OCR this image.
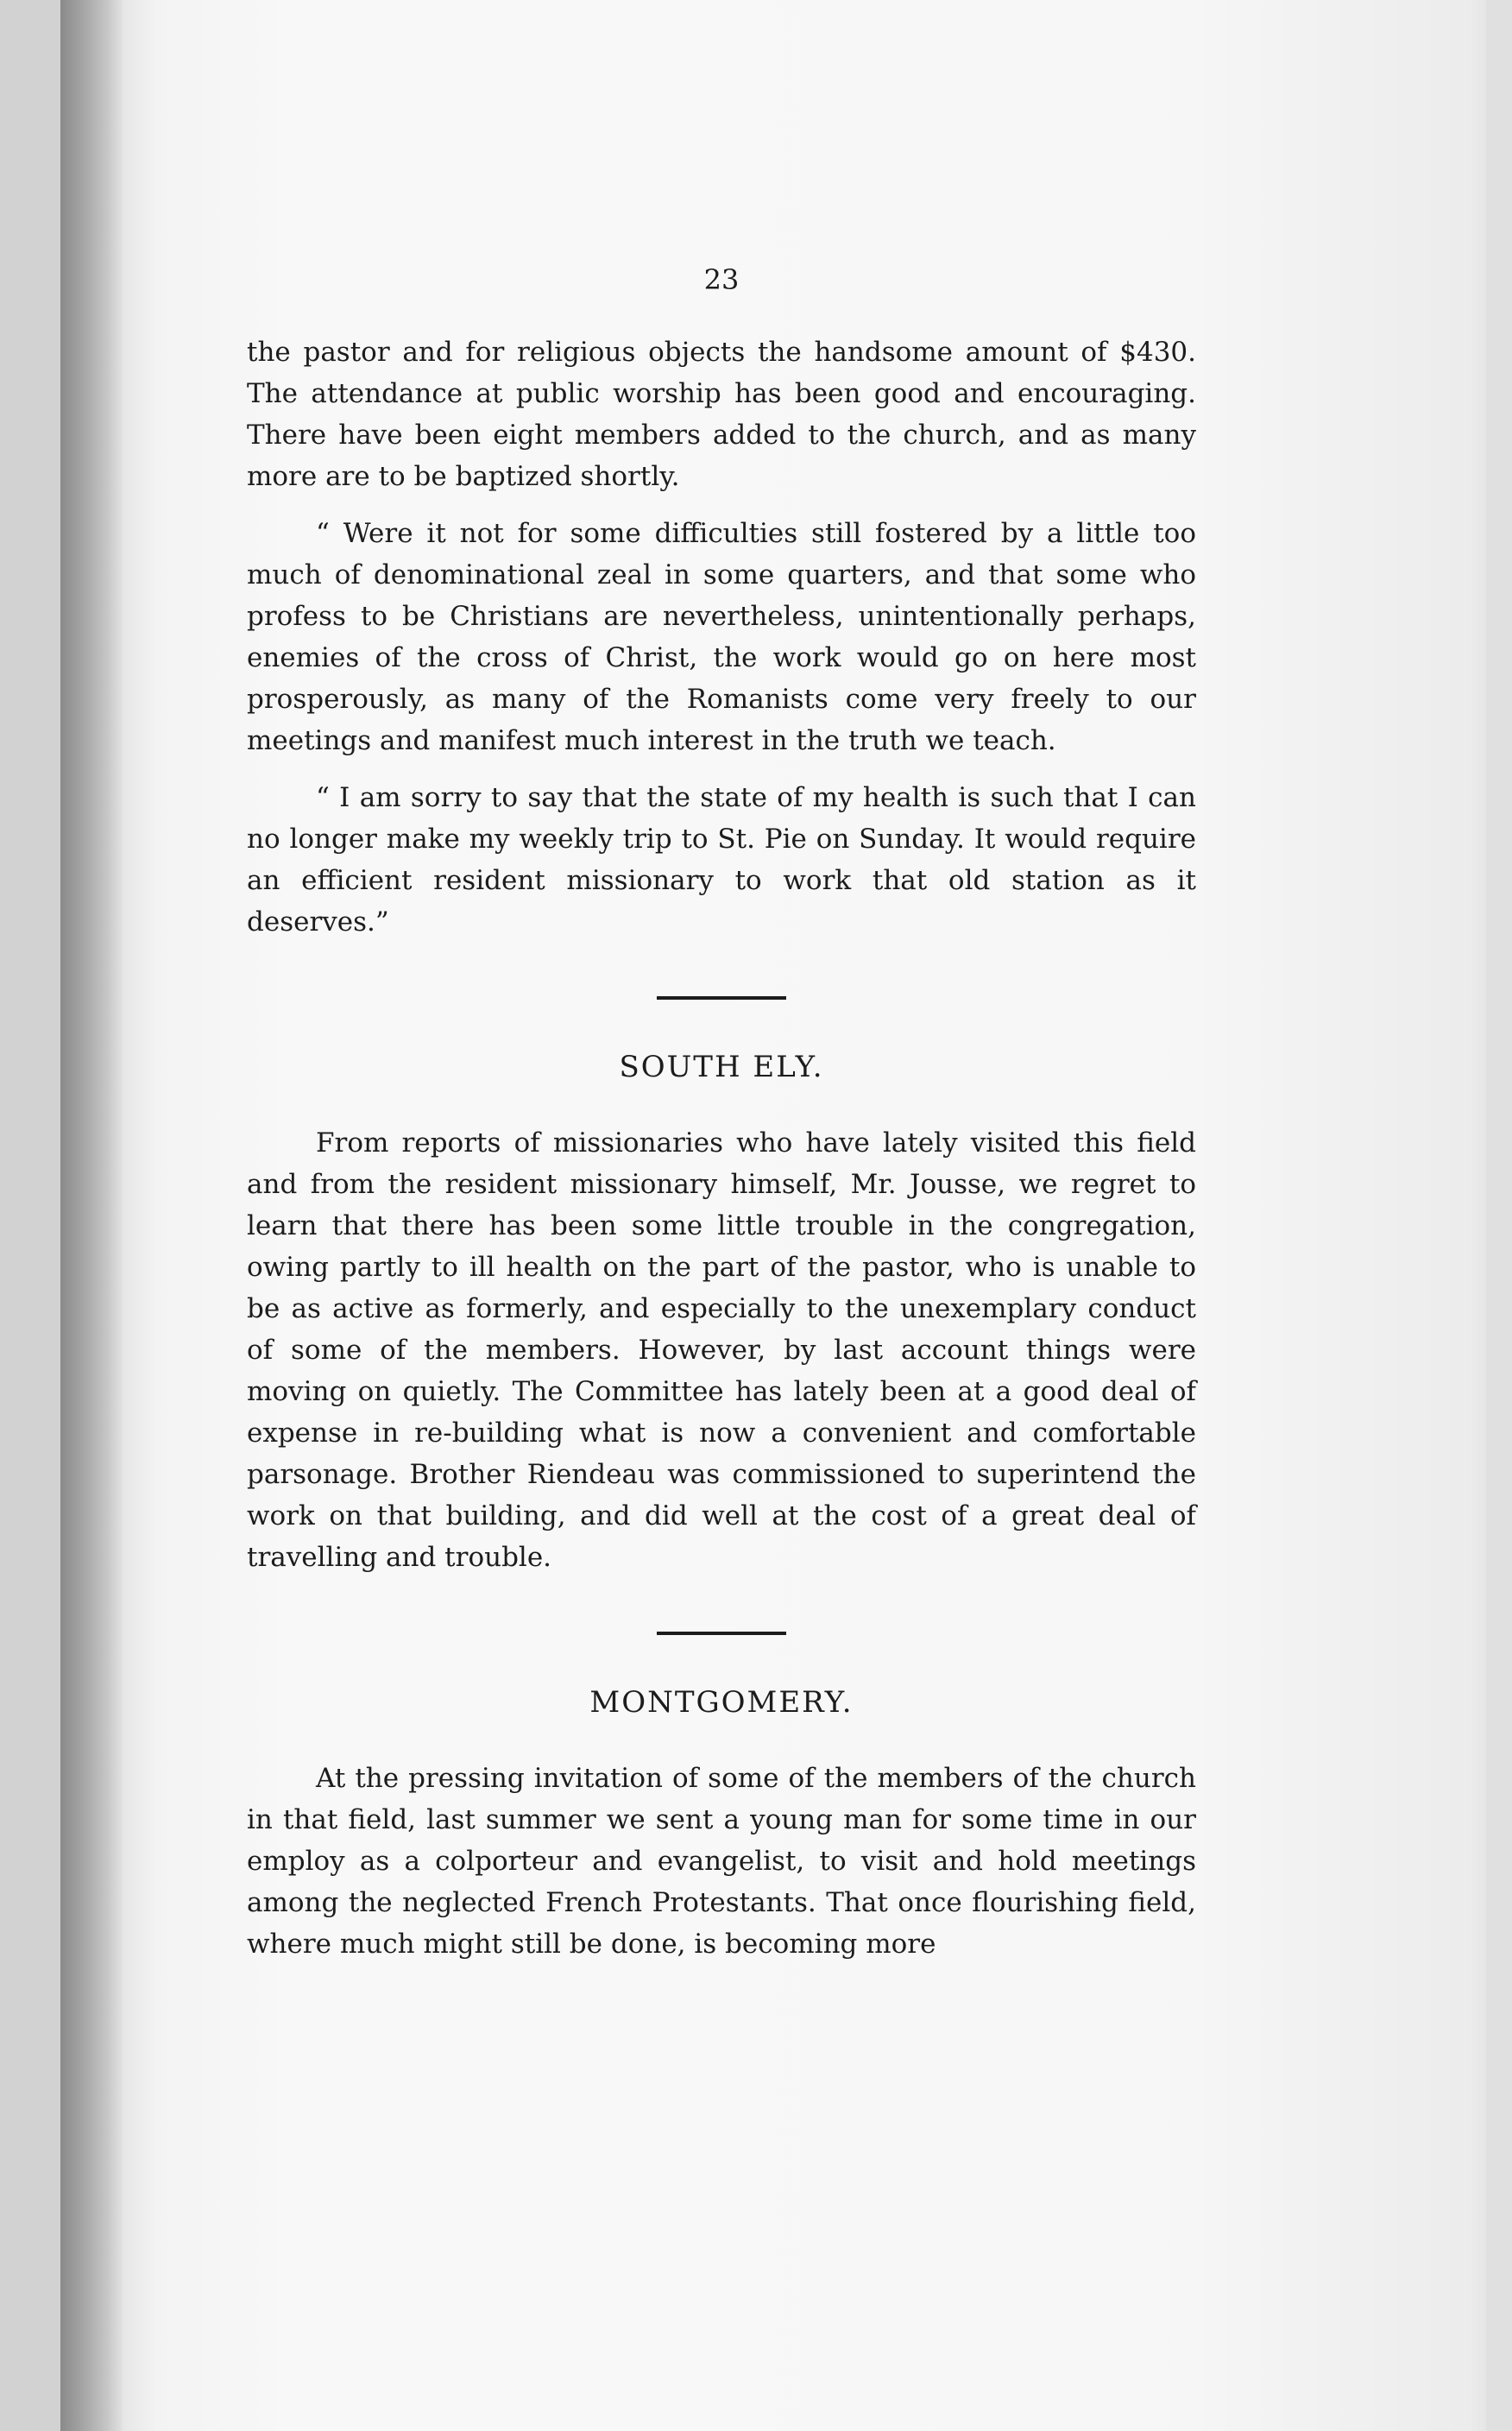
23

the pastor and for religious objects the handsome amount of $430. The attendance at public worship has been good and encouraging. There have been eight members added to the church, and as many more are to be baptized shortly.

“ Were it not for some difficulties still fostered by a little too much of denominational zeal in some quarters, and that some who profess to be Christians are nevertheless, unintentionally perhaps, enemies of the cross of Christ, the work would go on here most prosperously, as many of the Romanists come very freely to our meetings and manifest much interest in the truth we teach.

“ I am sorry to say that the state of my health is such that I can no longer make my weekly trip to St. Pie on Sunday. It would require an efficient resident missionary to work that old station as it deserves.”

SOUTH ELY.

From reports of missionaries who have lately visited this field and from the resident missionary himself, Mr. Jousse, we regret to learn that there has been some little trouble in the congregation, owing partly to ill health on the part of the pastor, who is unable to be as active as formerly, and especially to the unexemplary conduct of some of the members. However, by last account things were moving on quietly. The Committee has lately been at a good deal of expense in re-building what is now a convenient and comfortable parsonage. Brother Riendeau was commissioned to superintend the work on that building, and did well at the cost of a great deal of travelling and trouble.

MONTGOMERY.

At the pressing invitation of some of the members of the church in that field, last summer we sent a young man for some time in our employ as a colporteur and evangelist, to visit and hold meetings among the neglected French Protestants. That once flourishing field, where much might still be done, is becoming more
